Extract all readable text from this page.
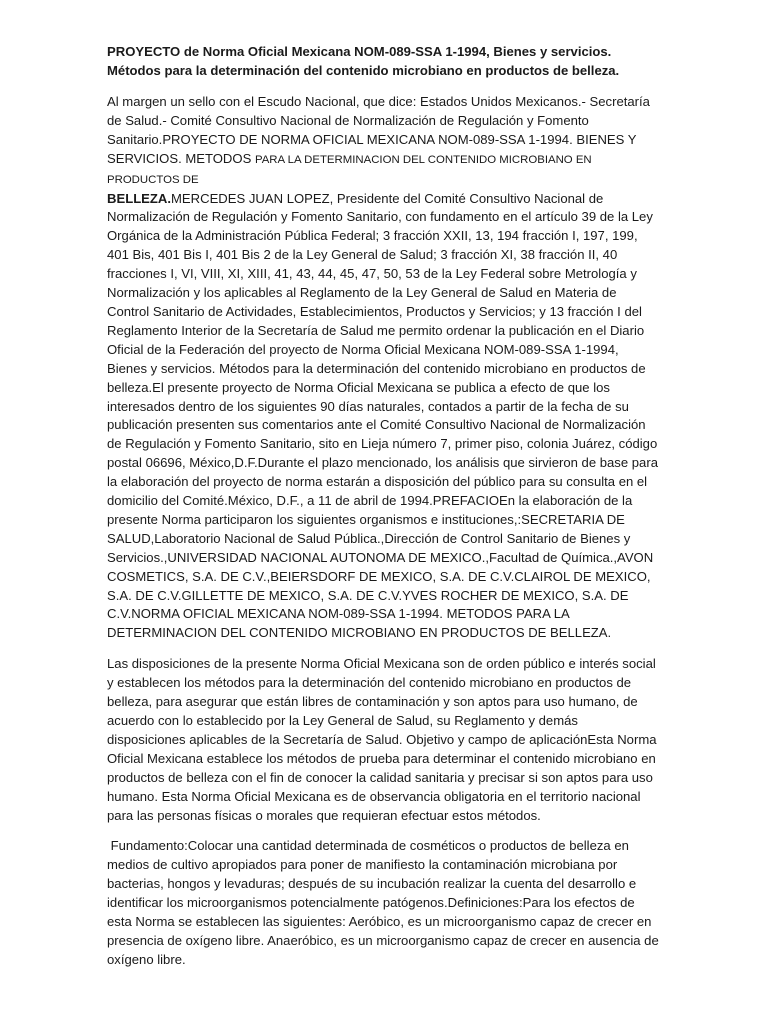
PROYECTO de Norma Oficial Mexicana NOM-089-SSA 1-1994, Bienes y servicios. Métodos para la determinación del contenido microbiano en productos de belleza.

Al margen un sello con el Escudo Nacional, que dice: Estados Unidos Mexicanos.- Secretaría de Salud.- Comité Consultivo Nacional de Normalización de Regulación y Fomento Sanitario.PROYECTO DE NORMA OFICIAL MEXICANA NOM-089-SSA 1-1994. BIENES Y SERVICIOS. METODOS PARA LA DETERMINACION DEL CONTENIDO MICROBIANO EN PRODUCTOS DE
BELLEZA.MERCEDES JUAN LOPEZ, Presidente del Comité Consultivo Nacional de Normalización de Regulación y Fomento Sanitario, con fundamento en el artículo 39 de la Ley Orgánica de la Administración Pública Federal; 3 fracción XXII, 13, 194 fracción I, 197, 199, 401 Bis, 401 Bis I, 401 Bis 2 de la Ley General de Salud; 3 fracción XI, 38 fracción II, 40 fracciones I, VI, VIII, XI, XIII, 41, 43, 44, 45, 47, 50, 53 de la Ley Federal sobre Metrología y Normalización y los aplicables al Reglamento de la Ley General de Salud en Materia de Control Sanitario de Actividades, Establecimientos, Productos y Servicios; y 13 fracción I del Reglamento Interior de la Secretaría de Salud me permito ordenar la publicación en el Diario Oficial de la Federación del proyecto de Norma Oficial Mexicana NOM-089-SSA 1-1994, Bienes y servicios. Métodos para la determinación del contenido microbiano en productos de belleza.El presente proyecto de Norma Oficial Mexicana se publica a efecto de que los interesados dentro de los siguientes 90 días naturales, contados a partir de la fecha de su publicación presenten sus comentarios ante el Comité Consultivo Nacional de Normalización de Regulación y Fomento Sanitario, sito en Lieja número 7, primer piso, colonia Juárez, código postal 06696, México,D.F.Durante el plazo mencionado, los análisis que sirvieron de base para la elaboración del proyecto de norma estarán a disposición del público para su consulta en el domicilio del Comité.México, D.F., a 11 de abril de 1994.PREFACIOEn la elaboración de la presente Norma participaron los siguientes organismos e instituciones,:SECRETARIA DE SALUD,Laboratorio Nacional de Salud Pública.,Dirección de Control Sanitario de Bienes y Servicios.,UNIVERSIDAD NACIONAL AUTONOMA DE MEXICO.,Facultad de Química.,AVON COSMETICS, S.A. DE C.V.,BEIERSDORF DE MEXICO, S.A. DE C.V.CLAIROL DE MEXICO, S.A. DE C.V.GILLETTE DE MEXICO, S.A. DE C.V.YVES ROCHER DE MEXICO, S.A. DE C.V.NORMA OFICIAL MEXICANA NOM-089-SSA 1-1994. METODOS PARA LA DETERMINACION DEL CONTENIDO MICROBIANO EN PRODUCTOS DE BELLEZA.

Las disposiciones de la presente Norma Oficial Mexicana son de orden público e interés social y establecen los métodos para la determinación del contenido microbiano en productos de belleza, para asegurar que están libres de contaminación y son aptos para uso humano, de acuerdo con lo establecido por la Ley General de Salud, su Reglamento y demás disposiciones aplicables de la Secretaría de Salud. Objetivo y campo de aplicaciónEsta Norma Oficial Mexicana establece los métodos de prueba para determinar el contenido microbiano en productos de belleza con el fin de conocer la calidad sanitaria y precisar si son aptos para uso humano. Esta Norma Oficial Mexicana es de observancia obligatoria en el territorio nacional para las personas físicas o morales que requieran efectuar estos métodos.

Fundamento:Colocar una cantidad determinada de cosméticos o productos de belleza en medios de cultivo apropiados para poner de manifiesto la contaminación microbiana por bacterias, hongos y levaduras; después de su incubación realizar la cuenta del desarrollo e identificar los microorganismos potencialmente patógenos.Definiciones:Para los efectos de esta Norma se establecen las siguientes: Aeróbico, es un microorganismo capaz de crecer en presencia de oxígeno libre. Anaeróbico, es un microorganismo capaz de crecer en ausencia de oxígeno libre.
